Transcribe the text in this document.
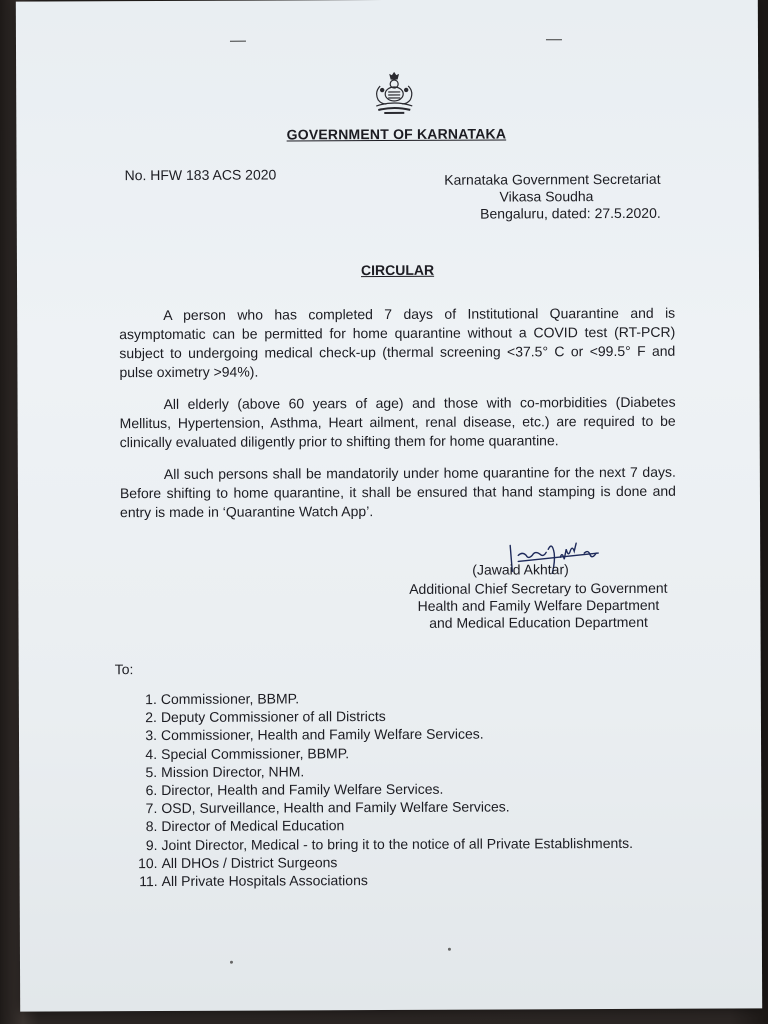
GOVERNMENT OF KARNATAKA
No. HFW 183 ACS 2020	Karnataka Government Secretariat
Vikasa Soudha
Bengaluru, dated: 27.5.2020.
CIRCULAR

A person who has completed 7 days of Institutional Quarantine and is asymptomatic can be permitted for home quarantine without a COVID test (RT-PCR) subject to undergoing medical check-up (thermal screening <37.5° C or <99.5° F and pulse oximetry >94%).

All elderly (above 60 years of age) and those with co-morbidities (Diabetes Mellitus, Hypertension, Asthma, Heart ailment, renal disease, etc.) are required to be clinically evaluated diligently prior to shifting them for home quarantine.

All such persons shall be mandatorily under home quarantine for the next 7 days. Before shifting to home quarantine, it shall be ensured that hand stamping is done and entry is made in ‘Quarantine Watch App’.

(Jawaid Akhtar)
Additional Chief Secretary to Government
Health and Family Welfare Department
and Medical Education Department
To:
1. Commissioner, BBMP.
2. Deputy Commissioner of all Districts
3. Commissioner, Health and Family Welfare Services.
4. Special Commissioner, BBMP.
5. Mission Director, NHM.
6. Director, Health and Family Welfare Services.
7. OSD, Surveillance, Health and Family Welfare Services.
8. Director of Medical Education
9. Joint Director, Medical - to bring it to the notice of all Private Establishments.
10. All DHOs / District Surgeons
11. All Private Hospitals Associations
